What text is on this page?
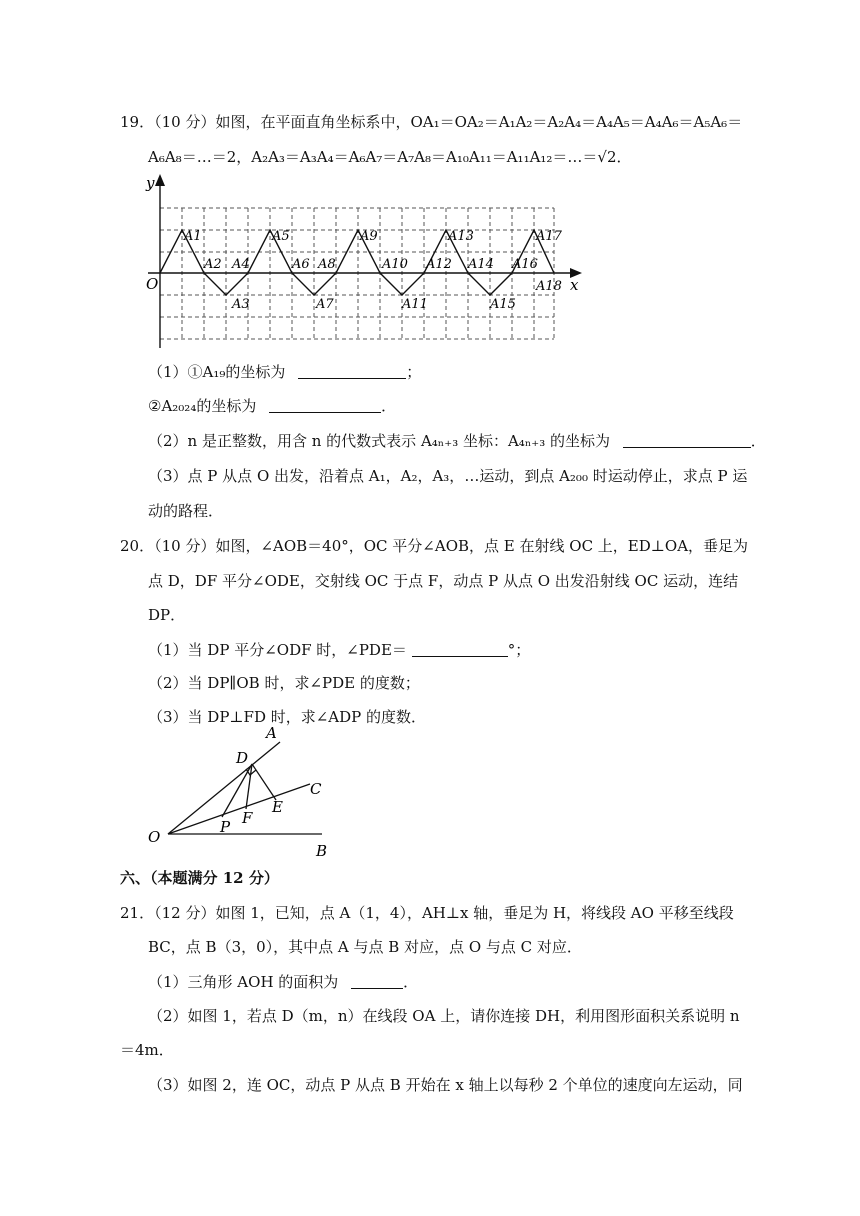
19．（10 分）如图，在平面直角坐标系中，OA₁＝OA₂＝A₁A₂＝A₂A₄＝A₄A₅＝A₄A₆＝A₅A₆＝
A₆A₈＝…＝2，A₂A₃＝A₃A₄＝A₆A₇＝A₇A₈＝A₁₀A₁₁＝A₁₁A₁₂＝…＝√2．
y
x
O
A1
A2
A3
A4
A5
A6
A7
A8
A9
A10
A11
A12
A13
A14
A15
A16
A17
A18
（1）①A₁₉的坐标为	；
②A₂₀₂₄的坐标为	．
（2）n 是正整数，用含 n 的代数式表示 A₄ₙ₊₃ 坐标：A₄ₙ₊₃ 的坐标为	．
（3）点 P 从点 O 出发，沿着点 A₁，A₂，A₃，…运动，到点 A₂₀₀ 时运动停止，求点 P 运
动的路程．
20．（10 分）如图，∠AOB＝40°，OC 平分∠AOB，点 E 在射线 OC 上，ED⊥OA，垂足为
点 D，DF 平分∠ODE，交射线 OC 于点 F，动点 P 从点 O 出发沿射线 OC 运动，连结
DP．
（1）当 DP 平分∠ODF 时，∠PDE＝	°；
（2）当 DP∥OB 时，求∠PDE 的度数；
（3）当 DP⊥FD 时，求∠ADP 的度数．
A
D
C
E
F
P
O
B
六、（本题满分 12 分）
21．（12 分）如图 1，已知，点 A（1，4），AH⊥x 轴，垂足为 H，将线段 AO 平移至线段
BC，点 B（3，0），其中点 A 与点 B 对应，点 O 与点 C 对应．
（1）三角形 AOH 的面积为	．
（2）如图 1，若点 D（m，n）在线段 OA 上，请你连接 DH，利用图形面积关系说明 n
＝4m．
（3）如图 2，连 OC，动点 P 从点 B 开始在 x 轴上以每秒 2 个单位的速度向左运动，同
